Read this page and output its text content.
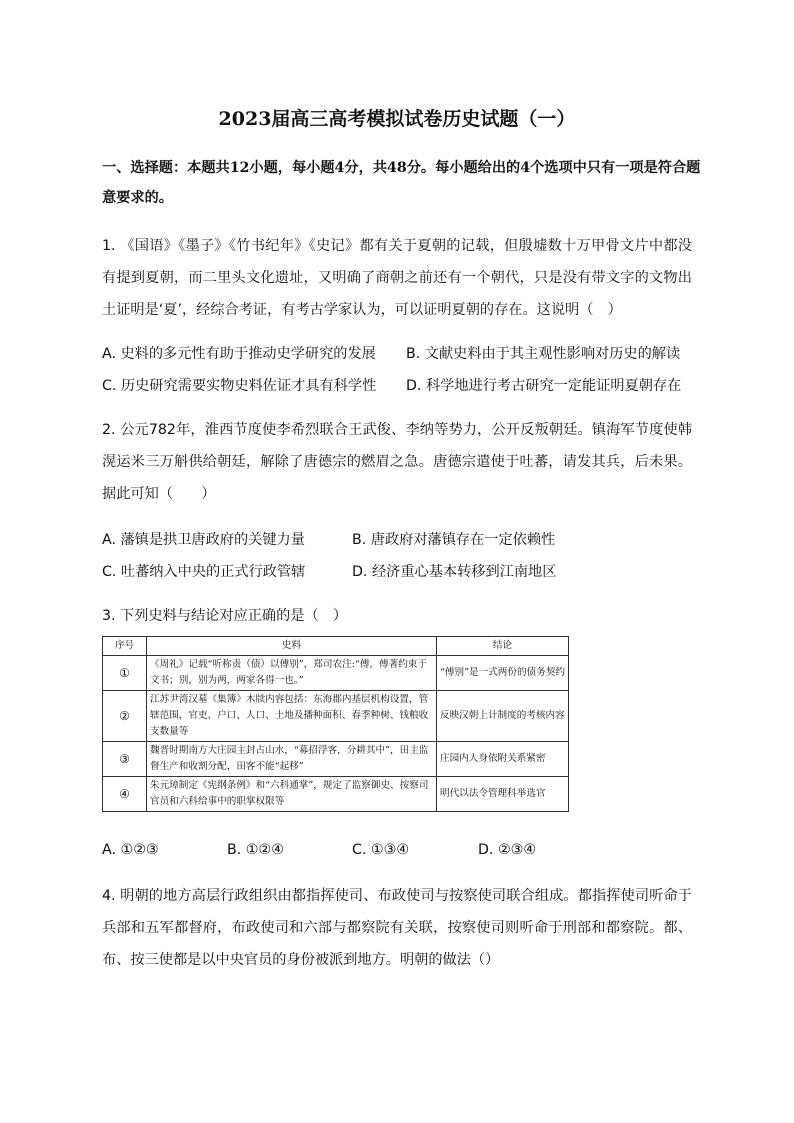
2023届高三高考模拟试卷历史试题（一）
一、选择题：本题共12小题，每小题4分，共48分。每小题给出的4个选项中只有一项是符合题意要求的。
1. 《国语》《墨子》《竹书纪年》《史记》都有关于夏朝的记载，但殷墟数十万甲骨文片中都没有提到夏朝，而二里头文化遗址，又明确了商朝之前还有一个朝代，只是没有带文字的文物出土证明是‘夏’，经综合考证，有考古学家认为，可以证明夏朝的存在。这说明（　）
A. 史料的多元性有助于推动史学研究的发展 B. 文献史料由于其主观性影响对历史的解读
C. 历史研究需要实物史料佐证才具有科学性 D. 科学地进行考古研究一定能证明夏朝存在
2. 公元782年，淮西节度使李希烈联合王武俊、李纳等势力，公开反叛朝廷。镇海军节度使韩滉运米三万斛供给朝廷，解除了唐德宗的燃眉之急。唐德宗遣使于吐蕃，请发其兵，后未果。据此可知（　　）
A. 藩镇是拱卫唐政府的关键力量	B. 唐政府对藩镇存在一定依赖性
C. 吐蕃纳入中央的正式行政管辖	D. 经济重心基本转移到江南地区
3. 下列史料与结论对应正确的是（　）
序号	史料	结论
①	《周礼》记载“听称责（债）以傅别”，郑司农注:“傅，傅著约束于文书；别，别为两，两家各得一也。”	“傅别”是一式两份的债务契约
②	江苏尹湾汉墓《集簿》木牍内容包括：东海郡内基层机构设置，管辖范围，官吏、户口、人口、土地及播种面积、春季种树、钱粮收支数量等	反映汉朝上计制度的考核内容
③	魏晋时期南方大庄园主封占山水，“募招浮客，分耕其中”，田主监督生产和收割分配，田客不能“起移”	庄园内人身依附关系紧密
④	朱元璋制定《宪纲条例》和“六科通掌”，规定了监察御史、按察司官员和六科给事中的职掌权限等	明代以法令管理科举选官
A. ①②③	B. ①②④	C. ①③④	D. ②③④
4. 明朝的地方高层行政组织由都指挥使司、布政使司与按察使司联合组成。都指挥使司听命于兵部和五军都督府，布政使司和六部与都察院有关联，按察使司则听命于刑部和都察院。都、布、按三使都是以中央官员的身份被派到地方。明朝的做法（）
